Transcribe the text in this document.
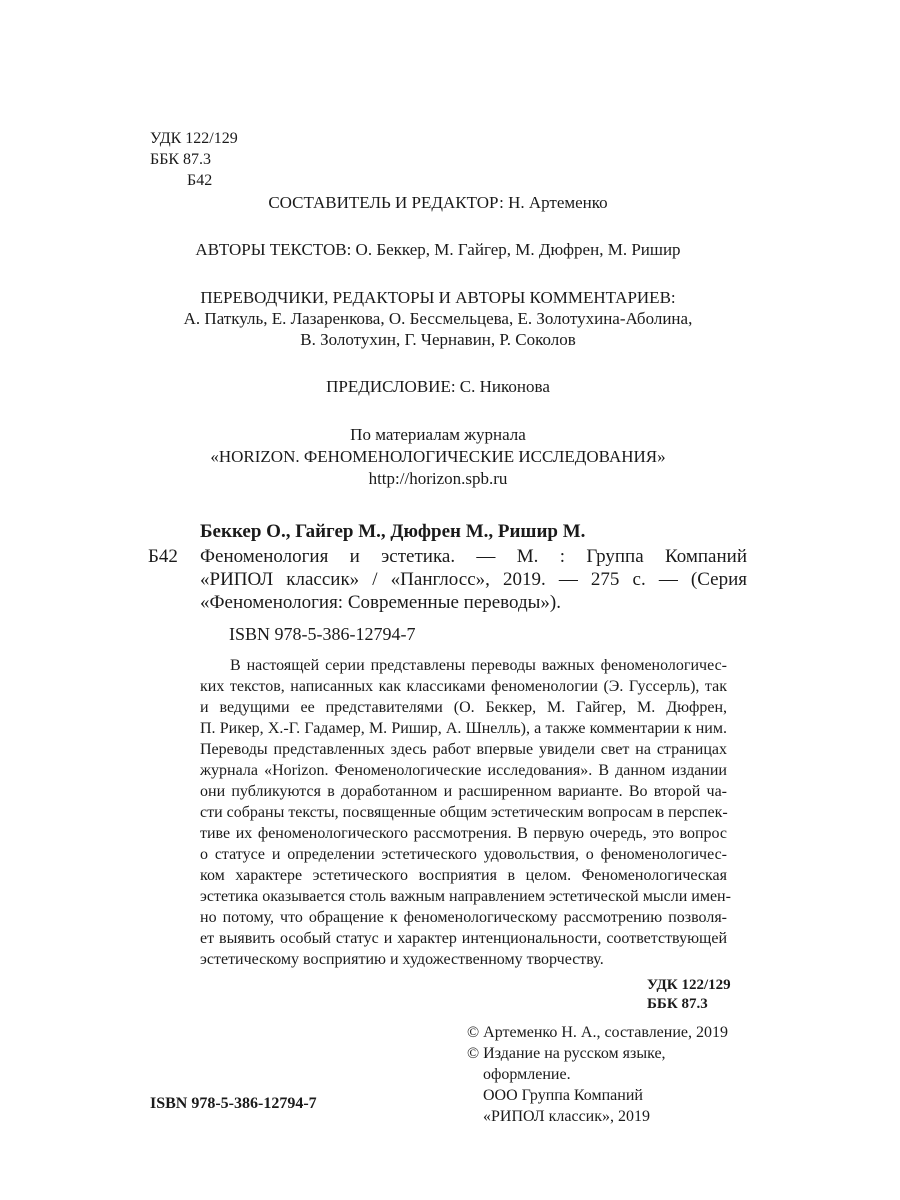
УДК 122/129
ББК 87.3
Б42
СОСТАВИТЕЛЬ И РЕДАКТОР: Н. Артеменко
АВТОРЫ ТЕКСТОВ: О. Беккер, М. Гайгер, М. Дюфрен, М. Ришир
ПЕРЕВОДЧИКИ, РЕДАКТОРЫ И АВТОРЫ КОММЕНТАРИЕВ:
А. Паткуль, Е. Лазаренкова, О. Бессмельцева, Е. Золотухина-Аболина,
В. Золотухин, Г. Чернавин, Р. Соколов
ПРЕДИСЛОВИЕ: С. Никонова
По материалам журнала
«HORIZON. ФЕНОМЕНОЛОГИЧЕСКИЕ ИССЛЕДОВАНИЯ»
http://horizon.spb.ru
Беккер О., Гайгер М., Дюфрен М., Ришир М.
Б42 Феноменология и эстетика. — М. : Группа Компаний
«РИПОЛ классик» / «Панглосс», 2019. — 275 с. — (Серия
«Феноменология: Современные переводы»).
ISBN 978-5-386-12794-7
В настоящей серии представлены переводы важных феноменологичес-
ких текстов, написанных как классиками феноменологии (Э. Гуссерль), так
и ведущими ее представителями (О. Беккер, М. Гайгер, М. Дюфрен,
П. Рикер, Х.-Г. Гадамер, М. Ришир, А. Шнелль), а также комментарии к ним.
Переводы представленных здесь работ впервые увидели свет на страницах
журнала «Horizon. Феноменологические исследования». В данном издании
они публикуются в доработанном и расширенном варианте. Во второй ча-
сти собраны тексты, посвященные общим эстетическим вопросам в перспек-
тиве их феноменологического рассмотрения. В первую очередь, это вопрос
о статусе и определении эстетического удовольствия, о феноменологичес-
ком характере эстетического восприятия в целом. Феноменологическая
эстетика оказывается столь важным направлением эстетической мысли имен-
но потому, что обращение к феноменологическому рассмотрению позволя-
ет выявить особый статус и характер интенциональности, соответствующей
эстетическому восприятию и художественному творчеству.
УДК 122/129
ББК 87.3
© Артеменко Н. А., составление, 2019
© Издание на русском языке,
оформление.
ООО Группа Компаний
«РИПОЛ классик», 2019
ISBN 978-5-386-12794-7
